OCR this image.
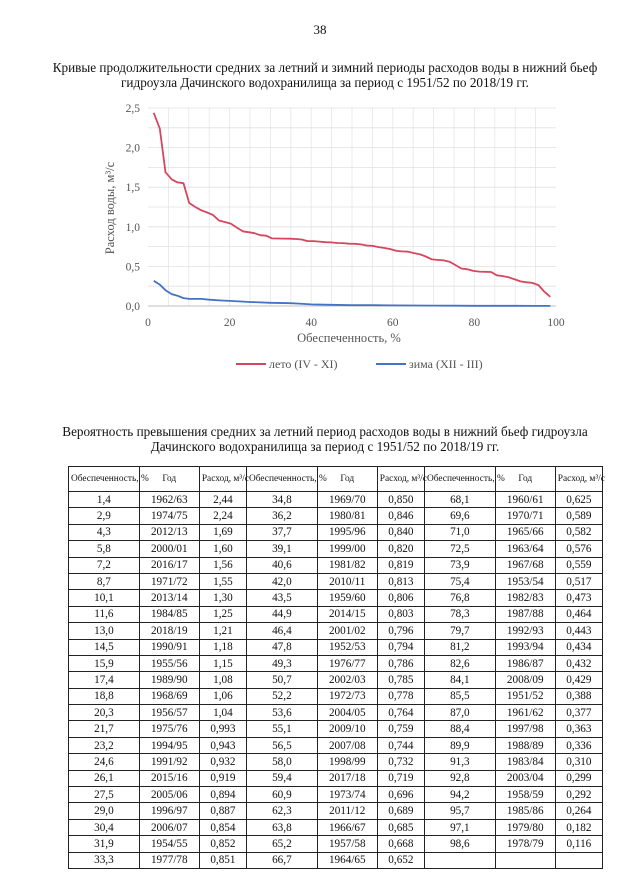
38
Кривые продолжительности средних за летний и зимний периоды расходов воды в нижний бьеф гидроузла Дачинского водохранилища за период с 1951/52 по 2018/19 гг.
0	20	40	60	80	100
0,0
0,5
1,0
1,5
2,0
2,5
Обеспеченность, %
Расход воды, м³/с
лето (IV - XI)	зима (XII - III)
Вероятность превышения средних за летний период расходов воды в нижний бьеф гидроузла Дачинского водохранилища за период с 1951/52 по 2018/19 гг.
Обеспеченность, %	Год	Расход, м³/с	Обеспеченность, %	Год	Расход, м³/с	Обеспеченность, %	Год	Расход, м³/с
1,4	1962/63	2,44	34,8	1969/70	0,850	68,1	1960/61	0,625
2,9	1974/75	2,24	36,2	1980/81	0,846	69,6	1970/71	0,589
4,3	2012/13	1,69	37,7	1995/96	0,840	71,0	1965/66	0,582
5,8	2000/01	1,60	39,1	1999/00	0,820	72,5	1963/64	0,576
7,2	2016/17	1,56	40,6	1981/82	0,819	73,9	1967/68	0,559
8,7	1971/72	1,55	42,0	2010/11	0,813	75,4	1953/54	0,517
10,1	2013/14	1,30	43,5	1959/60	0,806	76,8	1982/83	0,473
11,6	1984/85	1,25	44,9	2014/15	0,803	78,3	1987/88	0,464
13,0	2018/19	1,21	46,4	2001/02	0,796	79,7	1992/93	0,443
14,5	1990/91	1,18	47,8	1952/53	0,794	81,2	1993/94	0,434
15,9	1955/56	1,15	49,3	1976/77	0,786	82,6	1986/87	0,432
17,4	1989/90	1,08	50,7	2002/03	0,785	84,1	2008/09	0,429
18,8	1968/69	1,06	52,2	1972/73	0,778	85,5	1951/52	0,388
20,3	1956/57	1,04	53,6	2004/05	0,764	87,0	1961/62	0,377
21,7	1975/76	0,993	55,1	2009/10	0,759	88,4	1997/98	0,363
23,2	1994/95	0,943	56,5	2007/08	0,744	89,9	1988/89	0,336
24,6	1991/92	0,932	58,0	1998/99	0,732	91,3	1983/84	0,310
26,1	2015/16	0,919	59,4	2017/18	0,719	92,8	2003/04	0,299
27,5	2005/06	0,894	60,9	1973/74	0,696	94,2	1958/59	0,292
29,0	1996/97	0,887	62,3	2011/12	0,689	95,7	1985/86	0,264
30,4	2006/07	0,854	63,8	1966/67	0,685	97,1	1979/80	0,182
31,9	1954/55	0,852	65,2	1957/58	0,668	98,6	1978/79	0,116
33,3	1977/78	0,851	66,7	1964/65	0,652			
